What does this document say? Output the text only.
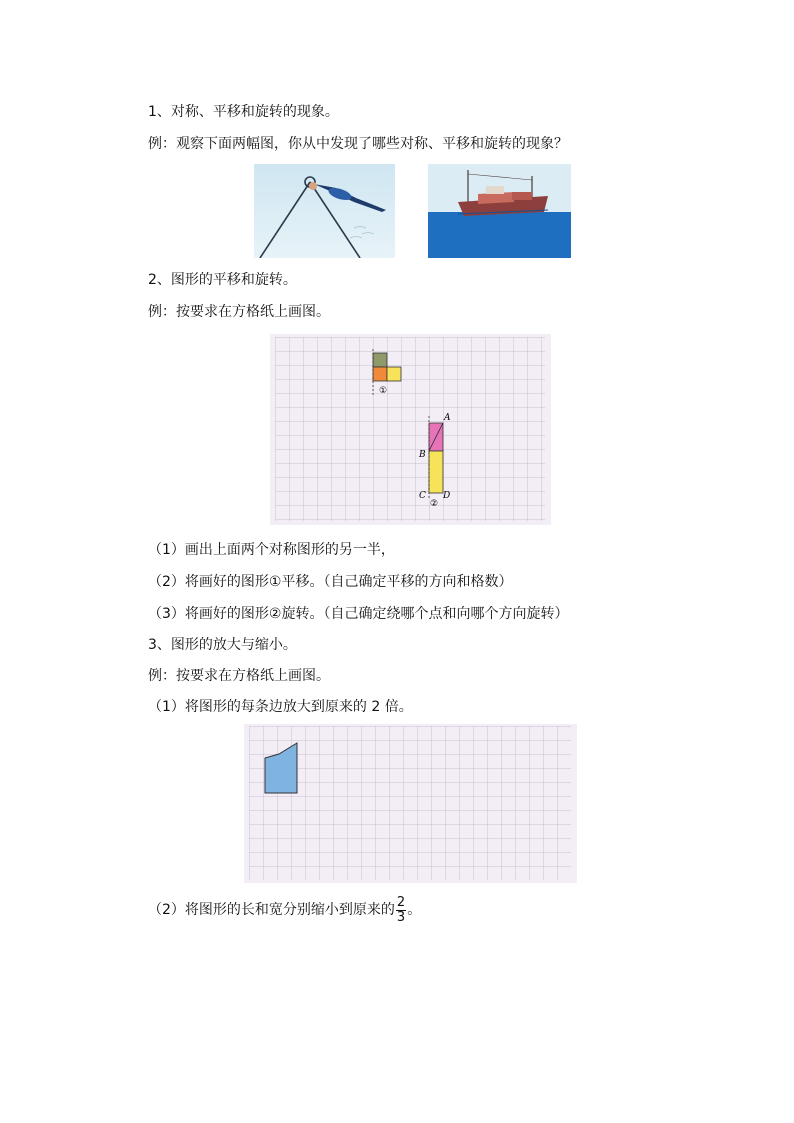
1、对称、平移和旋转的现象。
例：观察下面两幅图，你从中发现了哪些对称、平移和旋转的现象？
2、图形的平移和旋转。
例：按要求在方格纸上画图。
①
②
A
B
C D
（1）画出上面两个对称图形的另一半，
（2）将画好的图形①平移。（自己确定平移的方向和格数）
（3）将画好的图形②旋转。（自己确定绕哪个点和向哪个方向旋转）
3、图形的放大与缩小。
例：按要求在方格纸上画图。
（1）将图形的每条边放大到原来的 2 倍。
（2）将图形的长和宽分别缩小到原来的 $\frac{2}{3}$ 。
